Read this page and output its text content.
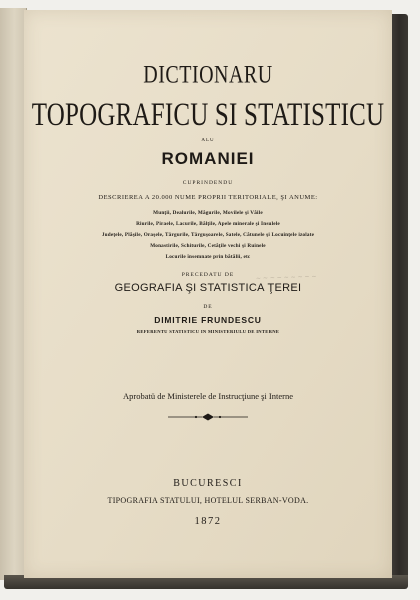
DICTIONARU
TOPOGRAFICU SI STATISTICU
ALU
ROMANIEI
CUPRINDENDU
DESCRIEREA A 20.000 NUME PROPRII TERITORIALE, ŞI ANUME:
Munţii, Dealurile, Măgurile, Movilele şi Văile
Riurile, Piraele, Lacurile, Bălţile, Apele minerale şi Insulele
Judeţele, Plăşile, Oraşele, Târgurile, Târguşoarele, Satele, Cătunele şi Locuinţele izolate
Monastirile, Schiturile, Cetăţile vechi şi Ruinele
Locurile însemnate prin bătălii, etc
PRECEDATU DE	~ ~ ~ ~ ~ ~ ~ ~ ~
GEOGRAFIA ŞI STATISTICA ŢEREI
DE
DIMITRIE FRUNDESCU
REFERENTU STATISTICU IN MINISTERIULU DE INTERNE
Aprobatü de Ministerele de Instrucţiune şi Interne
BUCURESCI
TIPOGRAFIA STATULUI, HOTELUL SERBAN-VODA.
1872
